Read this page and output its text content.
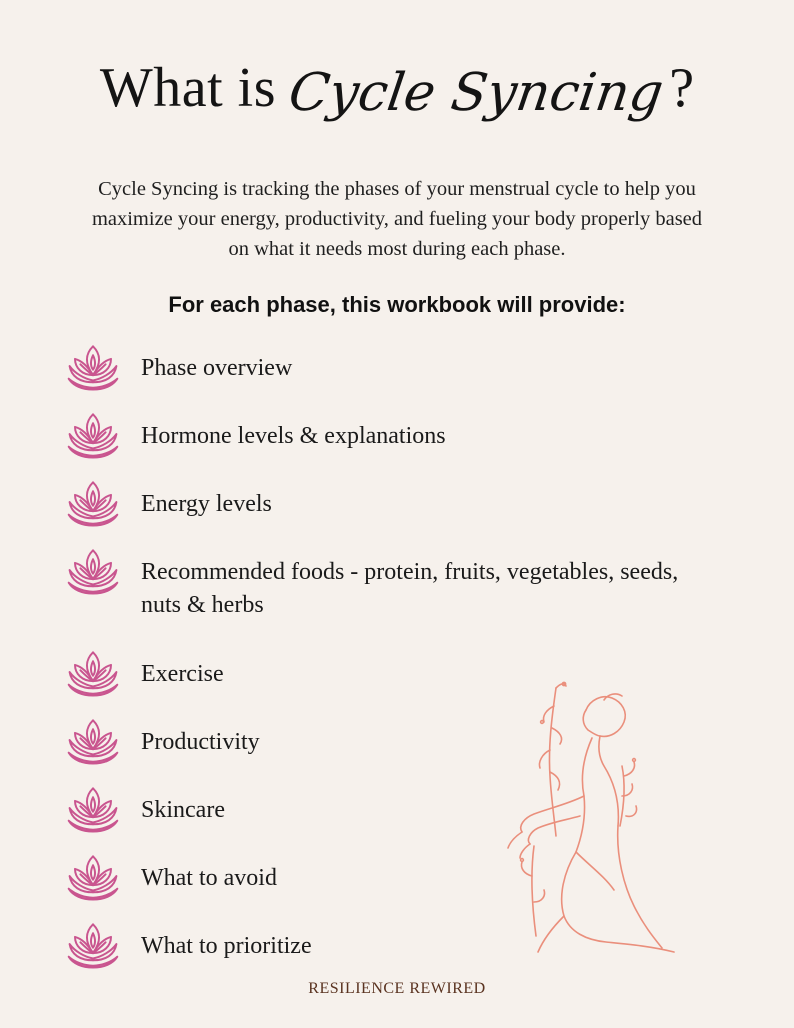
What is Cycle Syncing?
Cycle Syncing is tracking the phases of your menstrual cycle to help you maximize your energy, productivity, and fueling your body properly based on what it needs most during each phase.
For each phase, this workbook will provide:
Phase overview
Hormone levels & explanations
Energy levels
Recommended foods - protein, fruits, vegetables, seeds, nuts & herbs
Exercise
Productivity
Skincare
What to avoid
What to prioritize
RESILIENCE REWIRED
